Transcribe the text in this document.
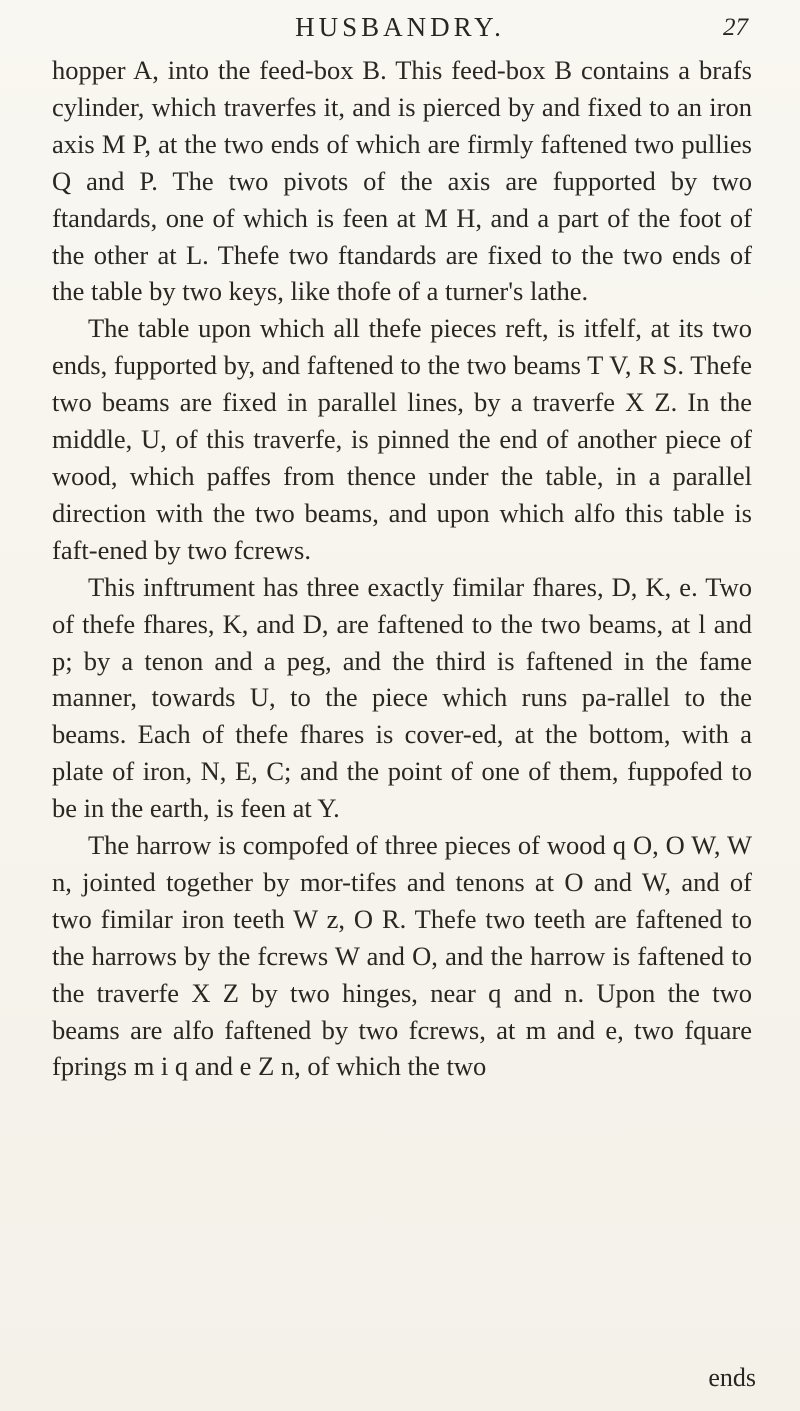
HUSBANDRY.	27

hopper A, into the feed-box B. This feed-box B contains a brafs cylinder, which traverfes it, and is pierced by and fixed to an iron axis M P, at the two ends of which are firmly faftened two pullies Q and P. The two pivots of the axis are fupported by two ftandards, one of which is feen at M H, and a part of the foot of the other at L. Thefe two ftandards are fixed to the two ends of the table by two keys, like thofe of a turner's lathe.

The table upon which all thefe pieces reft, is itfelf, at its two ends, fupported by, and faftened to the two beams T V, R S. Thefe two beams are fixed in parallel lines, by a traverfe X Z. In the middle, U, of this traverfe, is pinned the end of another piece of wood, which paffes from thence under the table, in a parallel direction with the two beams, and upon which alfo this table is faft-ened by two fcrews.

This inftrument has three exactly fimilar fhares, D, K, e. Two of thefe fhares, K, and D, are faftened to the two beams, at l and p; by a tenon and a peg, and the third is faftened in the fame manner, towards U, to the piece which runs pa-rallel to the beams. Each of thefe fhares is cover-ed, at the bottom, with a plate of iron, N, E, C; and the point of one of them, fuppofed to be in the earth, is feen at Y.

The harrow is compofed of three pieces of wood q O, O W, W n, jointed together by mor-tifes and tenons at O and W, and of two fimilar iron teeth W z, O R. Thefe two teeth are faftened to the harrows by the fcrews W and O, and the harrow is faftened to the traverfe X Z by two hinges, near q and n. Upon the two beams are alfo faftened by two fcrews, at m and e, two fquare fprings m i q and e Z n, of which the two

ends
